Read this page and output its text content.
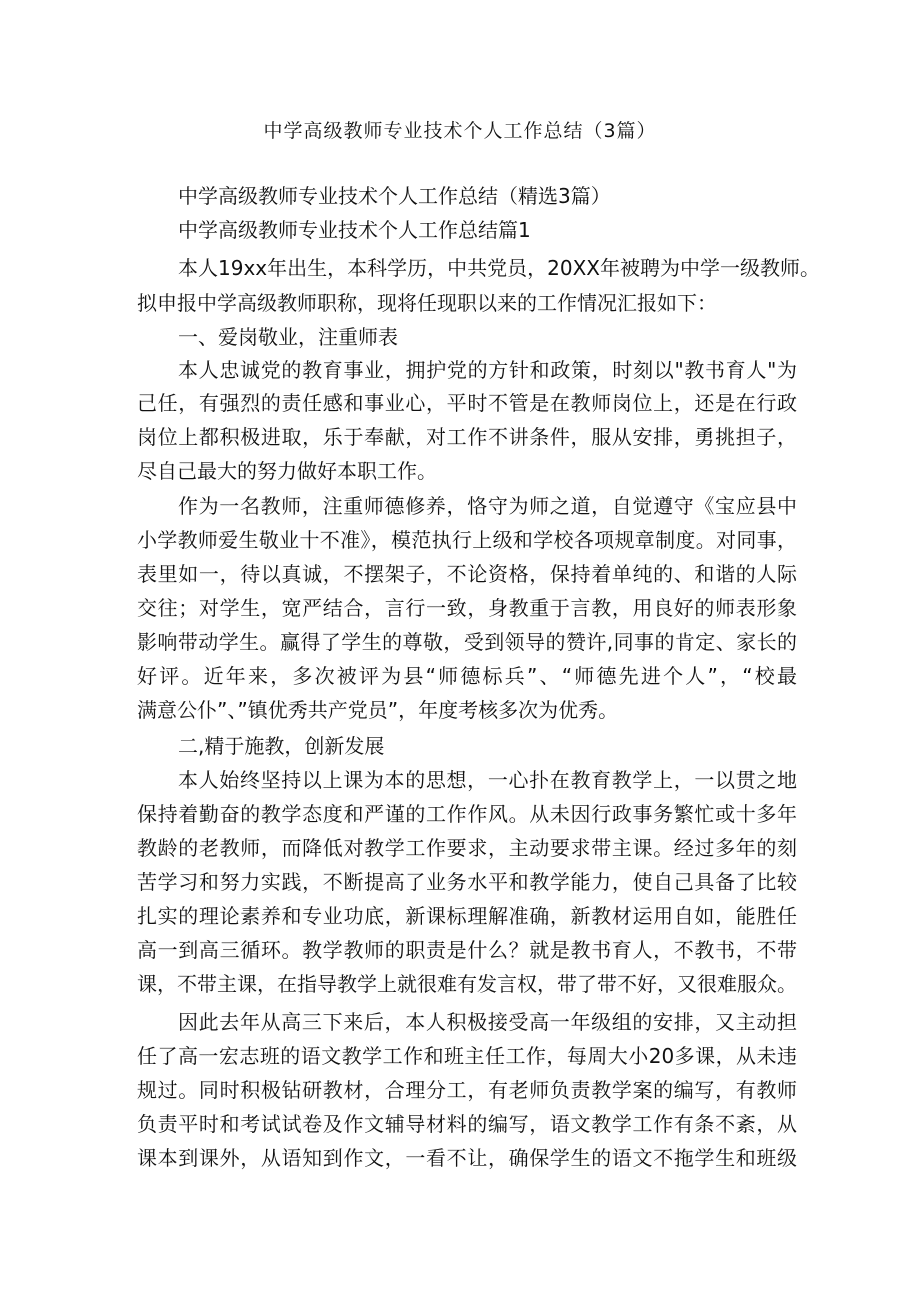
中学高级教师专业技术个人工作总结（3篇）
中学高级教师专业技术个人工作总结（精选3篇）
中学高级教师专业技术个人工作总结篇1
本人19xx年出生，本科学历，中共党员，20XX年被聘为中学一级教师。
拟申报中学高级教师职称，现将任现职以来的工作情况汇报如下：
一、爱岗敬业，注重师表
本人忠诚党的教育事业，拥护党的方针和政策，时刻以"教书育人"为
己任，有强烈的责任感和事业心，平时不管是在教师岗位上，还是在行政
岗位上都积极进取，乐于奉献，对工作不讲条件，服从安排，勇挑担子，
尽自己最大的努力做好本职工作。
作为一名教师，注重师德修养，恪守为师之道，自觉遵守《宝应县中
小学教师爱生敬业十不准》，模范执行上级和学校各项规章制度。对同事，
表里如一，待以真诚，不摆架子，不论资格，保持着单纯的、和谐的人际
交往；对学生，宽严结合，言行一致，身教重于言教，用良好的师表形象
影响带动学生。赢得了学生的尊敬，受到领导的赞许,同事的肯定、家长的
好评。近年来，多次被评为县“师德标兵”、“师德先进个人”，“校最
满意公仆”、”镇优秀共产党员”，年度考核多次为优秀。
二,精于施教，创新发展
本人始终坚持以上课为本的思想，一心扑在教育教学上，一以贯之地
保持着勤奋的教学态度和严谨的工作作风。从未因行政事务繁忙或十多年
教龄的老教师，而降低对教学工作要求，主动要求带主课。经过多年的刻
苦学习和努力实践，不断提高了业务水平和教学能力，使自己具备了比较
扎实的理论素养和专业功底，新课标理解准确，新教材运用自如，能胜任
高一到高三循环。教学教师的职责是什么？就是教书育人，不教书，不带
课，不带主课，在指导教学上就很难有发言权，带了带不好，又很难服众。
因此去年从高三下来后，本人积极接受高一年级组的安排，又主动担
任了高一宏志班的语文教学工作和班主任工作，每周大小20多课，从未违
规过。同时积极钻研教材，合理分工，有老师负责教学案的编写，有教师
负责平时和考试试卷及作文辅导材料的编写，语文教学工作有条不紊，从
课本到课外，从语知到作文，一看不让，确保学生的语文不拖学生和班级
